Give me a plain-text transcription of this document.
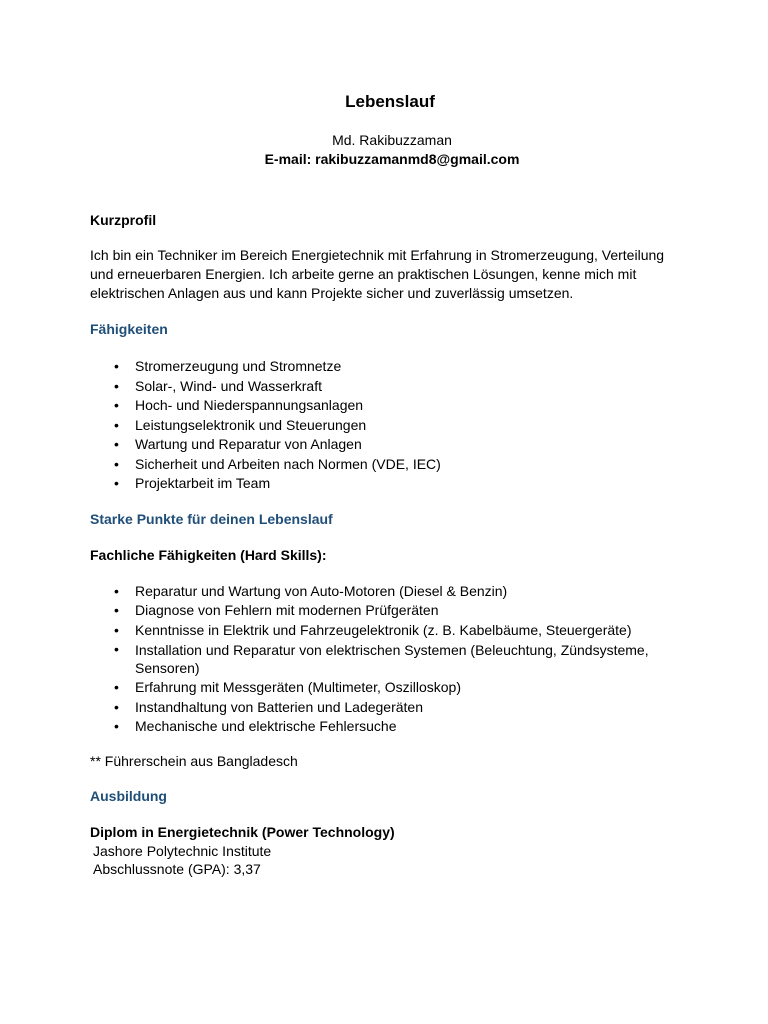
Lebenslauf
Md. Rakibuzzaman
E-mail: rakibuzzamanmd8@gmail.com

Kurzprofil

Ich bin ein Techniker im Bereich Energietechnik mit Erfahrung in Stromerzeugung, Verteilung und erneuerbaren Energien. Ich arbeite gerne an praktischen Lösungen, kenne mich mit elektrischen Anlagen aus und kann Projekte sicher und zuverlässig umsetzen.

Fähigkeiten

• Stromerzeugung und Stromnetze
• Solar-, Wind- und Wasserkraft
• Hoch- und Niederspannungsanlagen
• Leistungselektronik und Steuerungen
• Wartung und Reparatur von Anlagen
• Sicherheit und Arbeiten nach Normen (VDE, IEC)
• Projektarbeit im Team

Starke Punkte für deinen Lebenslauf

Fachliche Fähigkeiten (Hard Skills):

• Reparatur und Wartung von Auto-Motoren (Diesel & Benzin)
• Diagnose von Fehlern mit modernen Prüfgeräten
• Kenntnisse in Elektrik und Fahrzeugelektronik (z. B. Kabelbäume, Steuergeräte)
• Installation und Reparatur von elektrischen Systemen (Beleuchtung, Zündsysteme, Sensoren)
• Erfahrung mit Messgeräten (Multimeter, Oszilloskop)
• Instandhaltung von Batterien und Ladegeräten
• Mechanische und elektrische Fehlersuche

** Führerschein aus Bangladesch

Ausbildung

Diplom in Energietechnik (Power Technology)

Jashore Polytechnic Institute

Abschlussnote (GPA): 3,37
